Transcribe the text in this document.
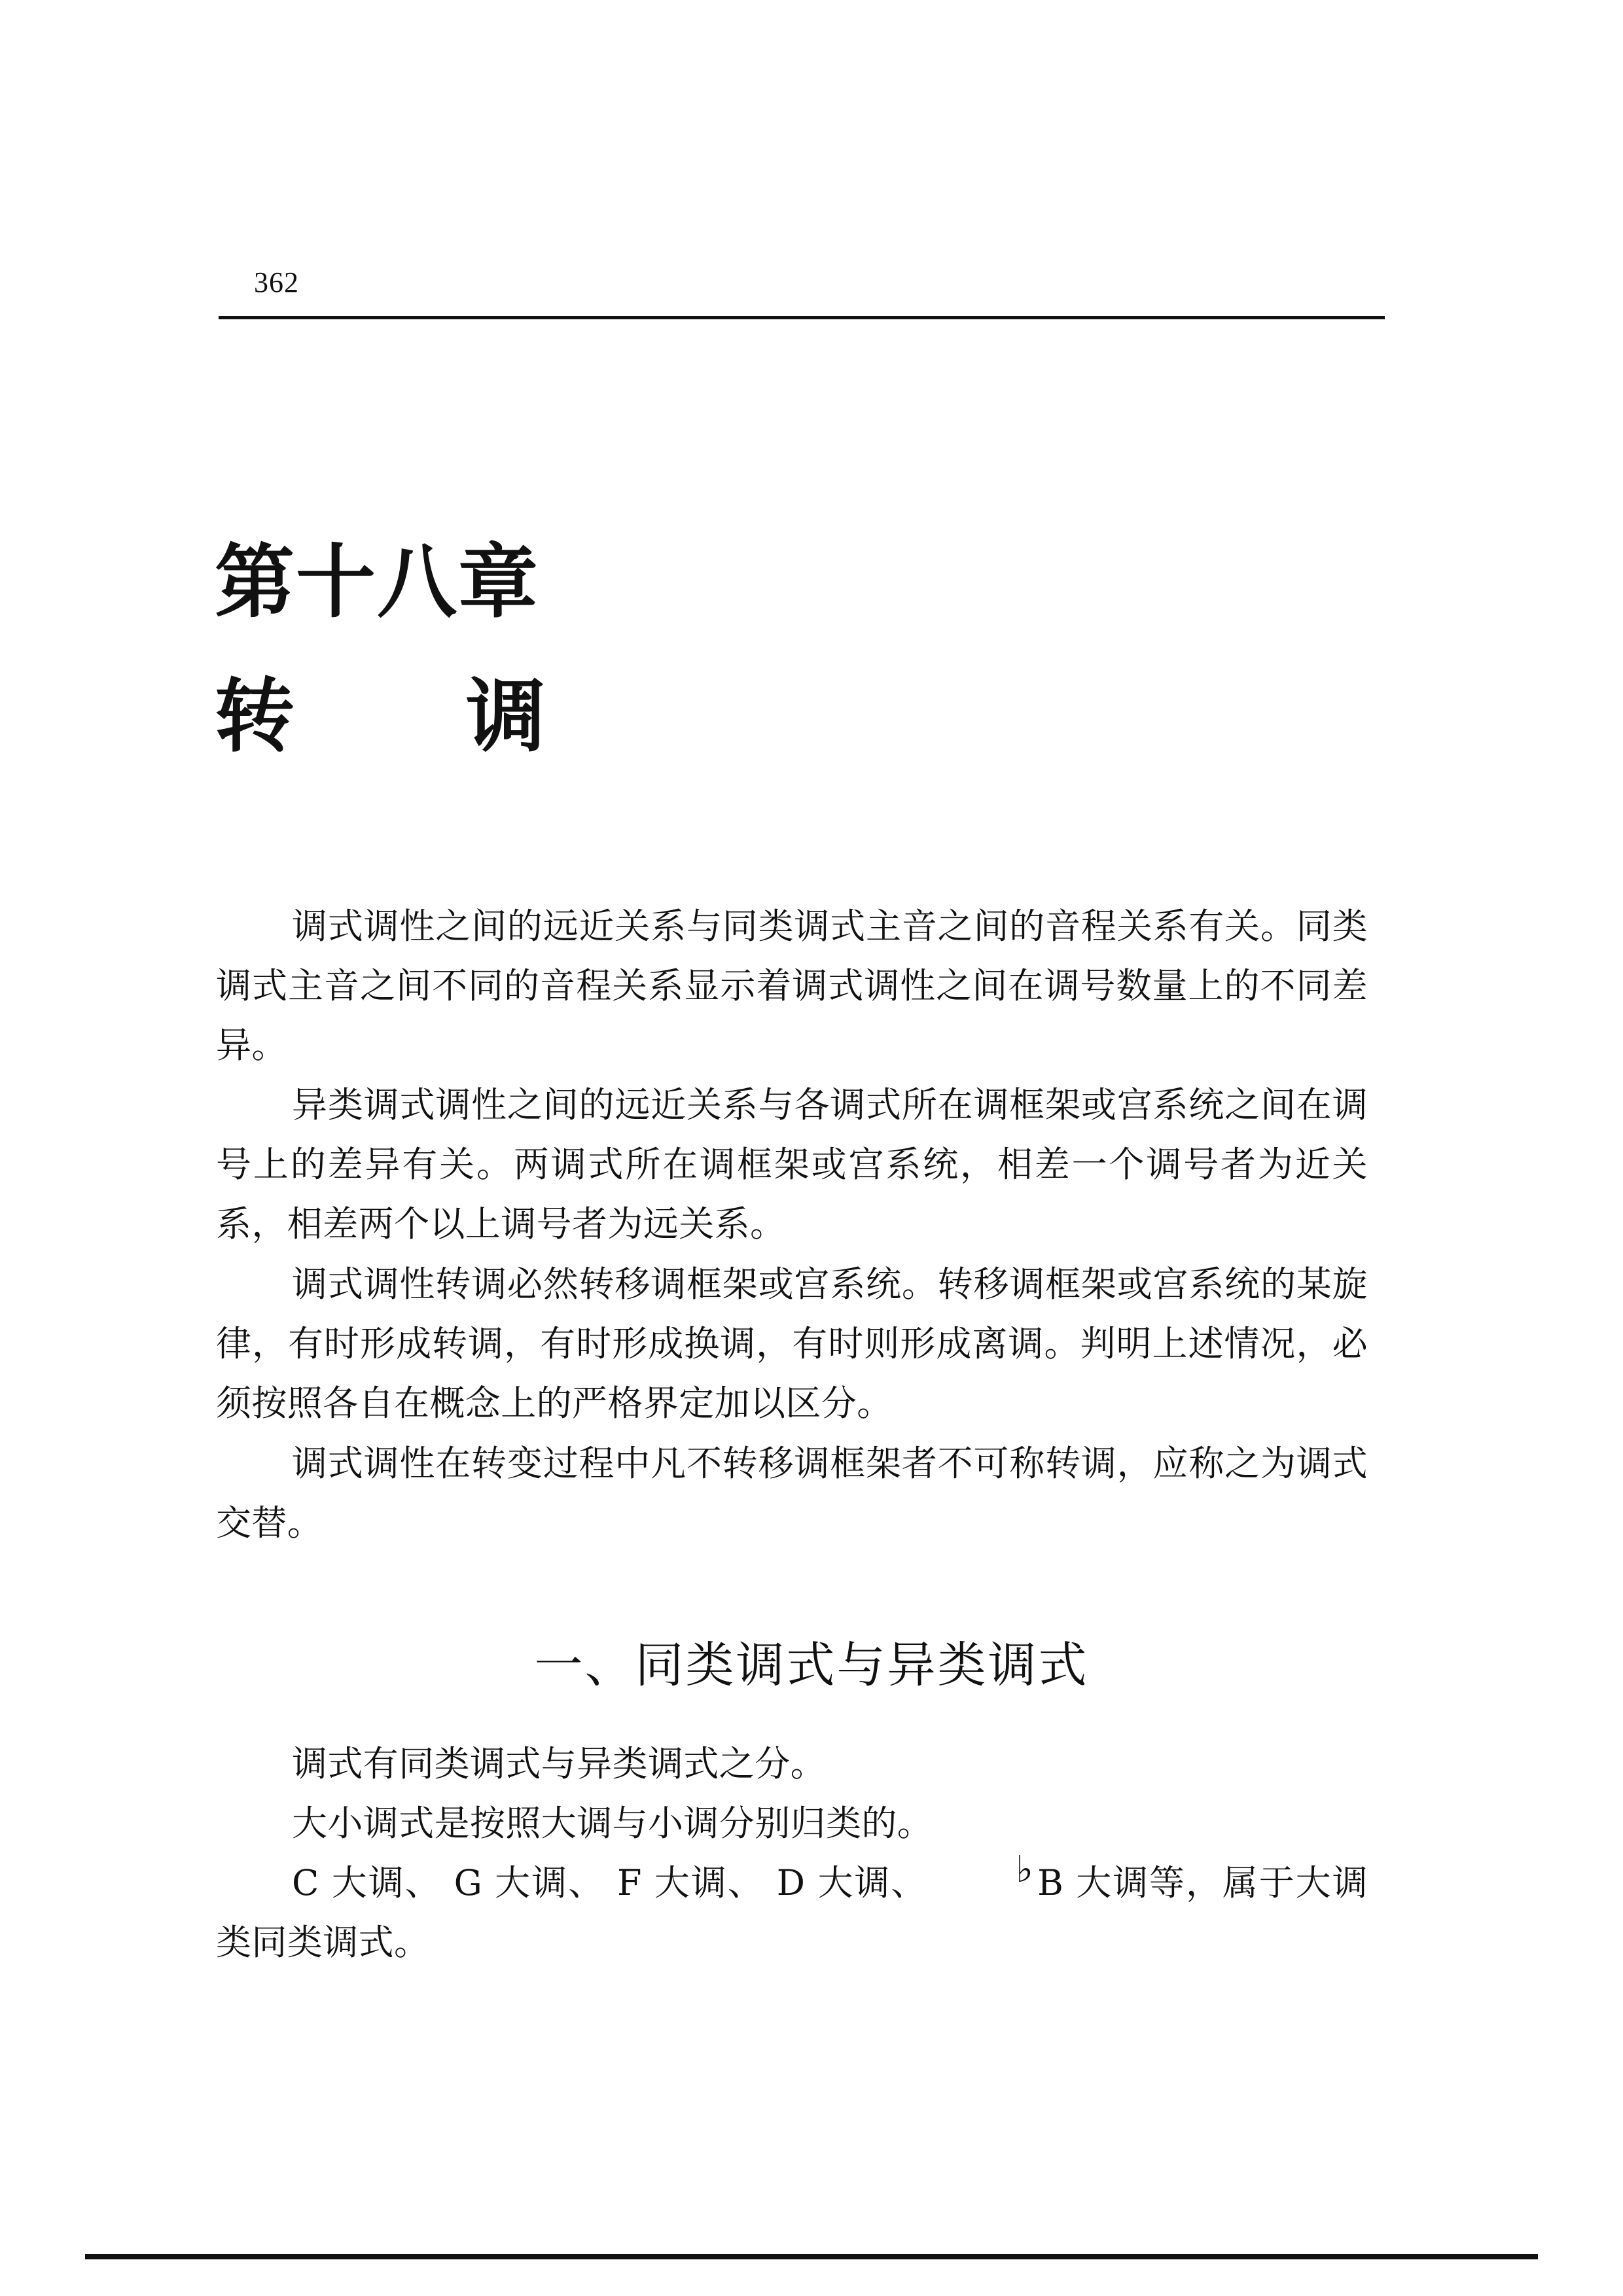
362
第十八章
转 调

调式调性之间的远近关系与同类调式主音之间的音程关系有关。同类调式主音之间不同的音程关系显示着调式调性之间在调号数量上的不同差异。

异类调式调性之间的远近关系与各调式所在调框架或宫系统之间在调号上的差异有关。两调式所在调框架或宫系统，相差一个调号者为近关系，相差两个以上调号者为远关系。

调式调性转调必然转移调框架或宫系统。转移调框架或宫系统的某旋律，有时形成转调，有时形成换调，有时则形成离调。判明上述情况，必须按照各自在概念上的严格界定加以区分。

调式调性在转变过程中凡不转移调框架者不可称转调，应称之为调式交替。

一、同类调式与异类调式

调式有同类调式与异类调式之分。

大小调式是按照大调与小调分别归类的。

C 大调、 G 大调、 F 大调、 D 大调、 ♭ B 大调等，属于大调类同类调式。
